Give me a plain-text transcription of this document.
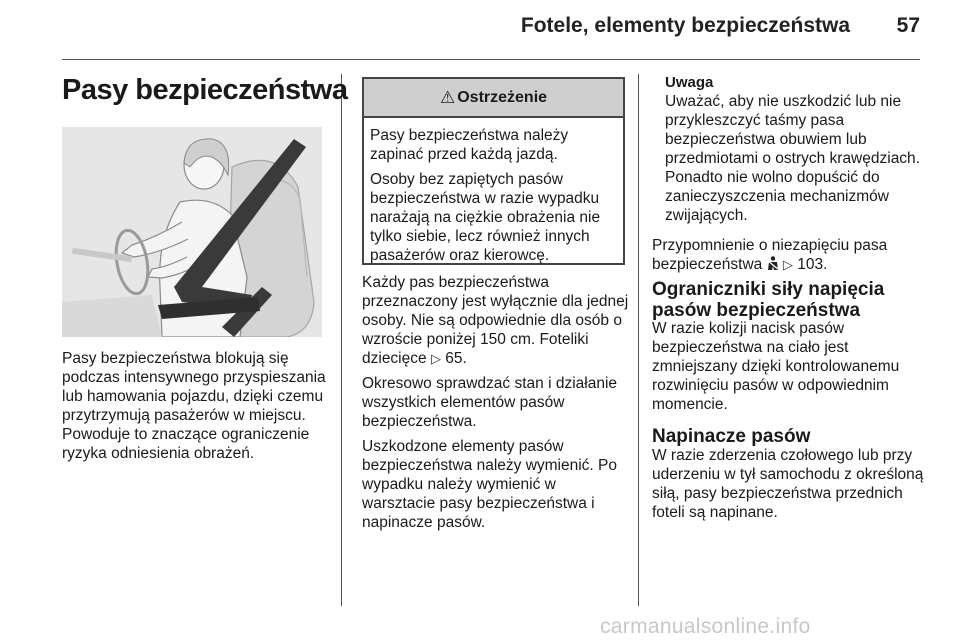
Fotele, elementy bezpieczeństwa	57
Pasy bezpieczeństwa

Pasy bezpieczeństwa blokują się podczas intensywnego przyspieszania lub hamowania pojazdu, dzięki czemu przytrzymują pasażerów w miejscu. Powoduje to znaczące ograniczenie ryzyka odniesienia obrażeń.

⚠ Ostrzeżenie

Pasy bezpieczeństwa należy zapinać przed każdą jazdą.

Osoby bez zapiętych pasów bezpieczeństwa w razie wypadku narażają na ciężkie obrażenia nie tylko siebie, lecz również innych pasażerów oraz kierowcę.

Każdy pas bezpieczeństwa przeznaczony jest wyłącznie dla jednej osoby. Nie są odpowiednie dla osób o wzroście poniżej 150 cm. Foteliki dziecięce ▷ 65.

Okresowo sprawdzać stan i działanie wszystkich elementów pasów bezpieczeństwa.

Uszkodzone elementy pasów bezpieczeństwa należy wymienić. Po wypadku należy wymienić w warsztacie pasy bezpieczeństwa i napinacze pasów.

Uwaga

Uważać, aby nie uszkodzić lub nie przykleszczyć taśmy pasa bezpieczeństwa obuwiem lub przedmiotami o ostrych krawędziach. Ponadto nie wolno dopuścić do zanieczyszczenia mechanizmów zwijających.

Przypomnienie o niezapięciu pasa bezpieczeństwa ▷ 103.
Ograniczniki siły napięcia pasów bezpieczeństwa

W razie kolizji nacisk pasów bezpieczeństwa na ciało jest zmniejszany dzięki kontrolowanemu rozwinięciu pasów w odpowiednim momencie.

Napinacze pasów

W razie zderzenia czołowego lub przy uderzeniu w tył samochodu z określoną siłą, pasy bezpieczeństwa przednich foteli są napinane.

carmanualsonline.info
